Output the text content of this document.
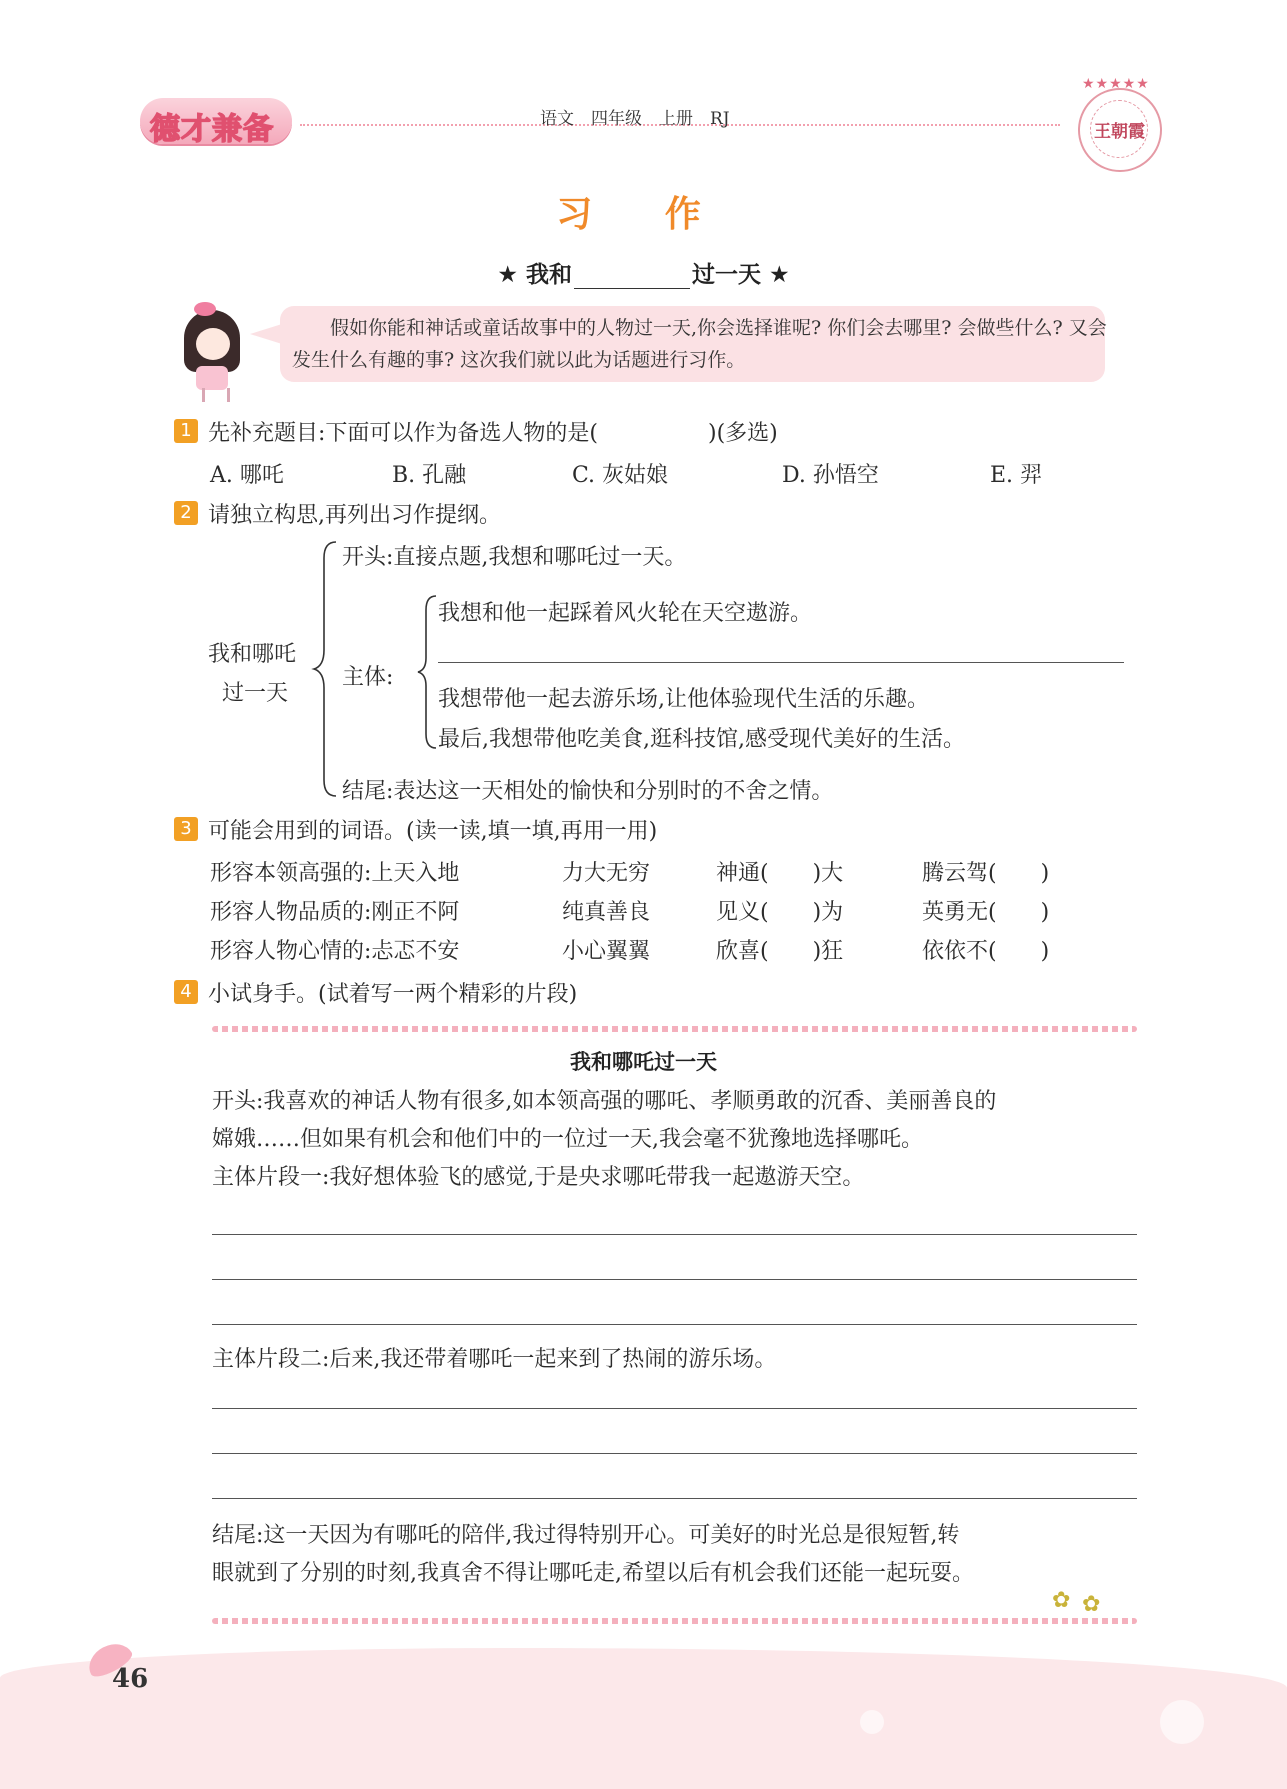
德才兼备	语文　四年级　上册　RJ
★★★★★
王朝霞
习 作
★ 我和	过一天 ★
　　假如你能和神话或童话故事中的人物过一天,你会选择谁呢? 你们会去哪里? 会做些什么? 又会发生什么有趣的事? 这次我们就以此为话题进行习作。
1 先补充题目:下面可以作为备选人物的是(　　　　　)(多选)
A. 哪吒	B. 孔融	C. 灰姑娘	D. 孙悟空	E. 羿
2 请独立构思,再列出习作提纲。
我和哪吒
过一天
开头:直接点题,我想和哪吒过一天。
主体:
我想和他一起踩着风火轮在天空遨游。
我想带他一起去游乐场,让他体验现代生活的乐趣。
最后,我想带他吃美食,逛科技馆,感受现代美好的生活。
结尾:表达这一天相处的愉快和分别时的不舍之情。
3 可能会用到的词语。(读一读,填一填,再用一用)
形容本领高强的:上天入地	力大无穷	神通(　　)大	腾云驾(　　)
形容人物品质的:刚正不阿	纯真善良	见义(　　)为	英勇无(　　)
形容人物心情的:忐忑不安	小心翼翼	欣喜(　　)狂	依依不(　　)
4 小试身手。(试着写一两个精彩的片段)
我和哪吒过一天
开头:我喜欢的神话人物有很多,如本领高强的哪吒、孝顺勇敢的沉香、美丽善良的
嫦娥……但如果有机会和他们中的一位过一天,我会毫不犹豫地选择哪吒。
主体片段一:我好想体验飞的感觉,于是央求哪吒带我一起遨游天空。
主体片段二:后来,我还带着哪吒一起来到了热闹的游乐场。
结尾:这一天因为有哪吒的陪伴,我过得特别开心。可美好的时光总是很短暂,转
眼就到了分别的时刻,我真舍不得让哪吒走,希望以后有机会我们还能一起玩耍。
✿ ✿
46
